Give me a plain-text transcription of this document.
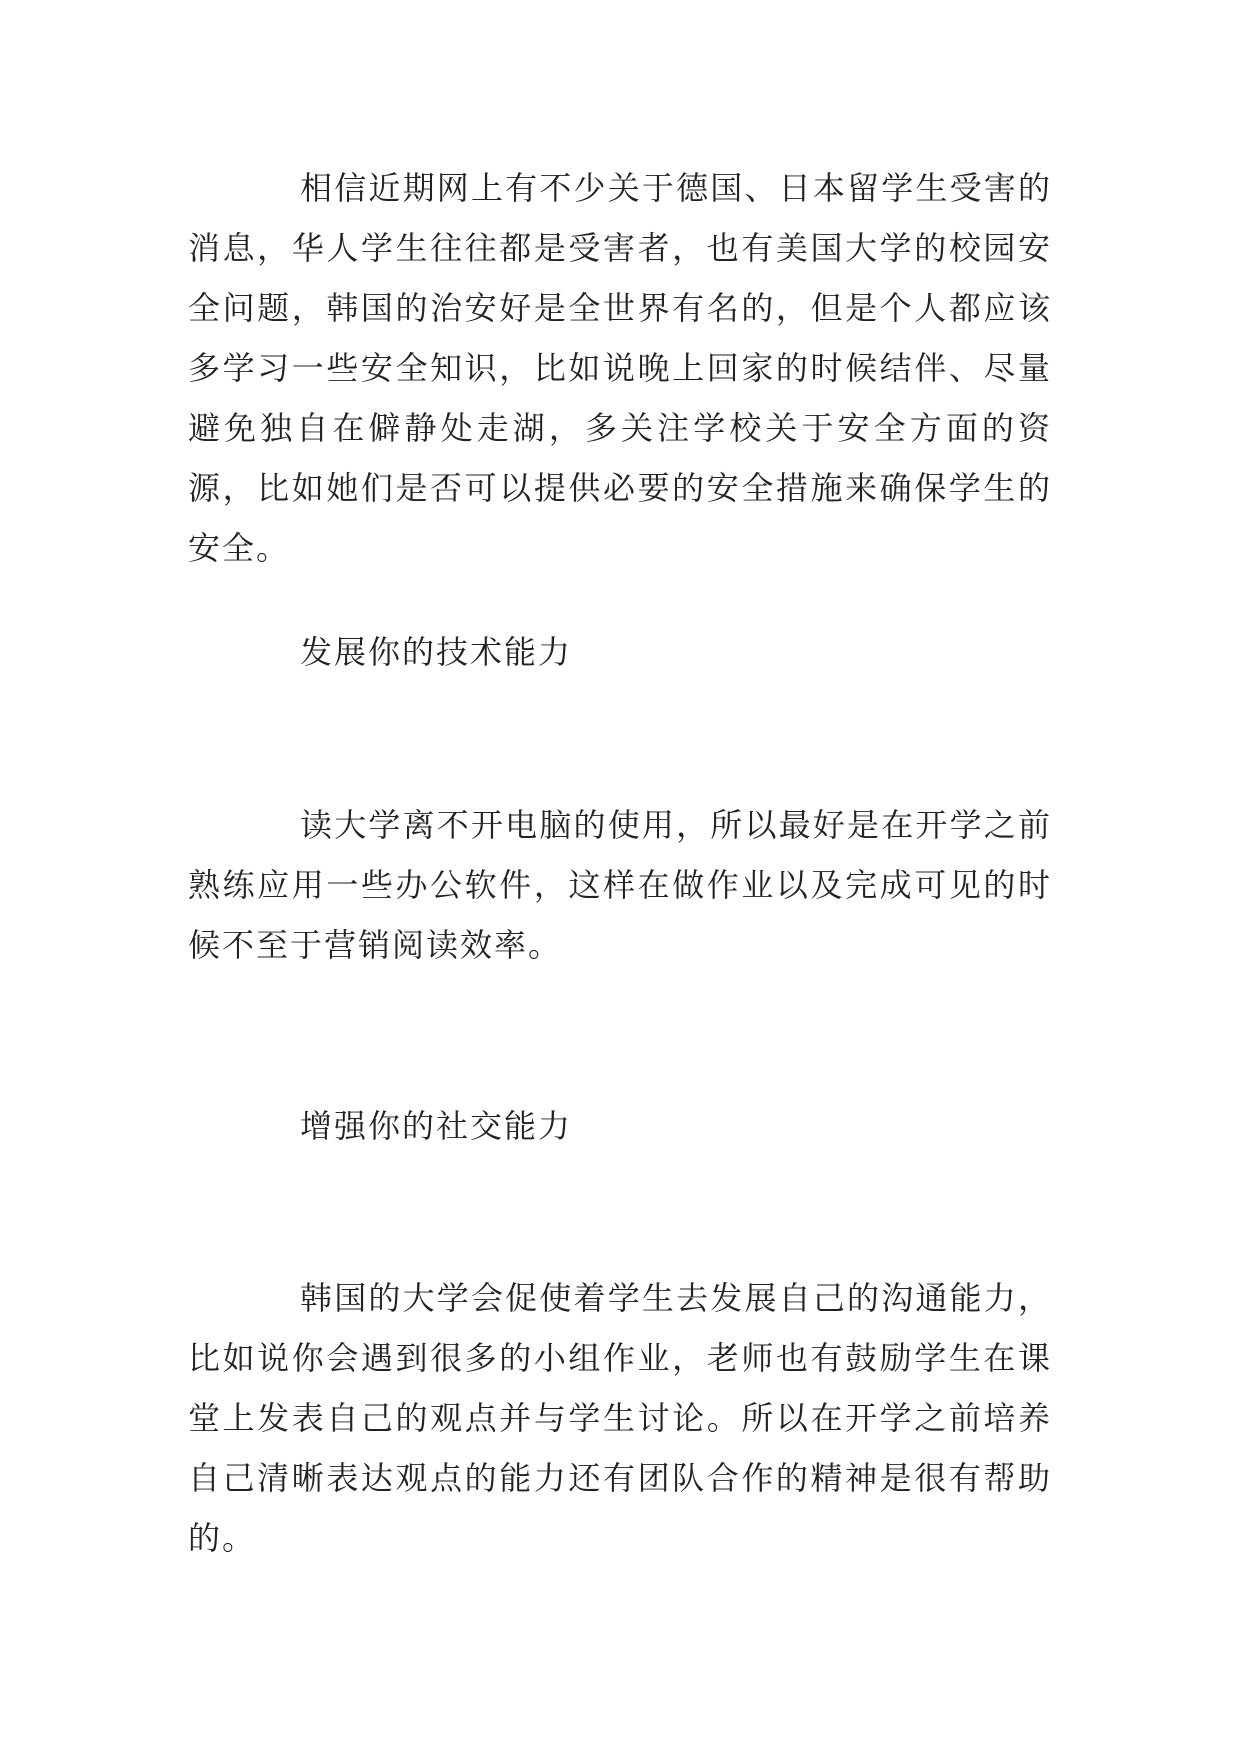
相信近期网上有不少关于德国、日本留学生受害的消息，华人学生往往都是受害者，也有美国大学的校园安全问题，韩国的治安好是全世界有名的，但是个人都应该多学习一些安全知识，比如说晚上回家的时候结伴、尽量避免独自在僻静处走湖，多关注学校关于安全方面的资源，比如她们是否可以提供必要的安全措施来确保学生的安全。

发展你的技术能力

读大学离不开电脑的使用，所以最好是在开学之前熟练应用一些办公软件，这样在做作业以及完成可见的时候不至于营销阅读效率。

增强你的社交能力

韩国的大学会促使着学生去发展自己的沟通能力，比如说你会遇到很多的小组作业，老师也有鼓励学生在课堂上发表自己的观点并与学生讨论。所以在开学之前培养自己清晰表达观点的能力还有团队合作的精神是很有帮助的。
